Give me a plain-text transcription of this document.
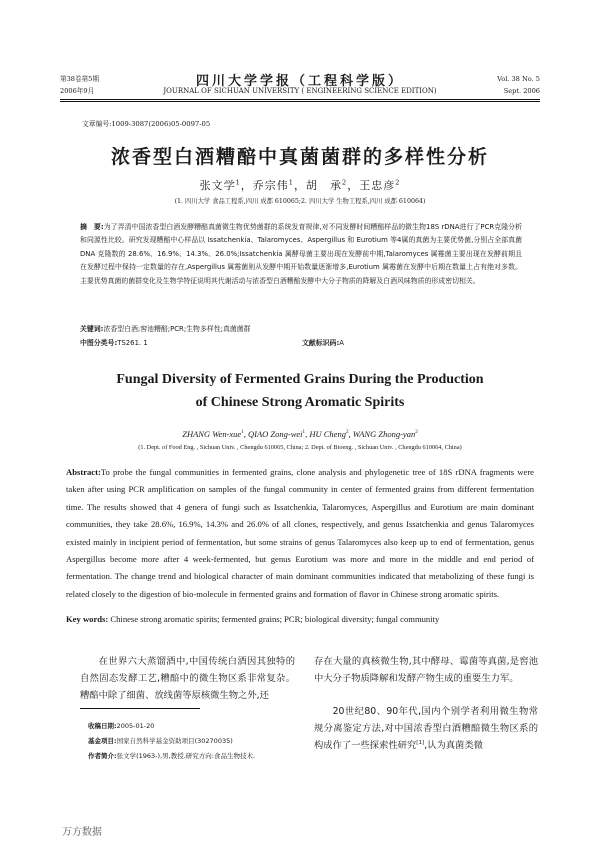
第38卷第5期
2006年9月
四川大学学报（工程科学版）
JOURNAL OF SICHUAN UNIVERSITY ( ENGINEERING SCIENCE EDITION)
Vol. 38 No. 5
Sept. 2006
文章编号:1009-3087(2006)05-0097-05
浓香型白酒糟醅中真菌菌群的多样性分析
张文学$^1$，乔宗伟$^1$，胡　承$^2$，王忠彦$^2$
(1. 四川大学 食品工程系,四川 成都 610065;2. 四川大学 生物工程系,四川 成都 610064)
摘　要:为了弄清中国浓香型白酒发酵糟醅真菌微生物优势菌群的系统发育规律,对不同发酵时间糟醅样品的微生物18S rDNA进行了PCR克隆分析和同源性比较。研究发现糟醅中心样品以 Issatchenkia、Talaromyces、Aspergillus 和 Eurotium 等4属的真菌为主要优势菌,分别占全部真菌 DNA 克隆数的 28.6%、16.9%、14.3%、26.0%;Issatchenkia 属酵母菌主要出现在发酵前中期,Talaromyces 属霉菌主要出现在发酵前期且在发酵过程中保持一定数量的存在,Aspergillus 属霉菌则从发酵中期开始数量逐渐增多,Eurotium 属霉菌在发酵中后期在数量上占有绝对多数。主要优势真菌的菌群变化及生物学特征说明其代谢活动与浓香型白酒糟醅发酵中大分子物质的降解及白酒风味物质的形成密切相关。
关键词:浓香型白酒;窖池糟醅;PCR;生物多样性;真菌菌群
中图分类号:TS261. 1	文献标识码:A
Fungal Diversity of Fermented Grains During the Production
of Chinese Strong Aromatic Spirits
ZHANG Wen-xue$^1$, QIAO Zong-wei$^1$, HU Cheng$^2$, WANG Zhong-yan$^2$
(1. Dept. of Food Eng. , Sichuan Univ. , Chengdu 610065, China; 2. Dept. of Bioeng. , Sichuan Univ. , Chengdu 610064, China)
Abstract:To probe the fungal communities in fermented grains, clone analysis and phylogenetic tree of 18S rDNA fragments were taken after using PCR amplification on samples of the fungal community in center of fermented grains from different fermentation time. The results showed that 4 genera of fungi such as Issatchenkia, Talaromyces, Aspergillus and Eurotium are main dominant communities, they take 28.6%, 16.9%, 14.3% and 26.0% of all clones, respectively, and genus Issatchenkia and genus Talaromyces existed mainly in incipient period of fermentation, but some strains of genus Talaromyces also keep up to end of fermentation, genus Aspergillus become more after 4 week-fermented, but genus Eurotium was more and more in the middle and end period of fermentation. The change trend and biological character of main dominant communities indicated that metabolizing of these fungi is related closely to the digestion of bio-molecule in fermented grains and formation of flavor in Chinese strong aromatic spirits.
Key words: Chinese strong aromatic spirits; fermented grains; PCR; biological diversity; fungal community
在世界六大蒸馏酒中,中国传统白酒因其独特的自然固态发酵工艺,糟醅中的微生物区系非常复杂。糟醅中除了细菌、放线菌等原核微生物之外,还
存在大量的真核微生物,其中酵母、霉菌等真菌,是窖池中大分子物质降解和发酵产物生成的重要生力军。
20世纪80、90年代,国内个别学者利用微生物常规分离鉴定方法,对中国浓香型白酒糟醅微生物区系的构成作了一些探索性研究[1],认为真菌类微
收稿日期:2005-01-20
基金项目:国家自然科学基金资助项目(30270035)
作者简介:张文学(1963-),男,教授.研究方向:食品生物技术.
万方数据
